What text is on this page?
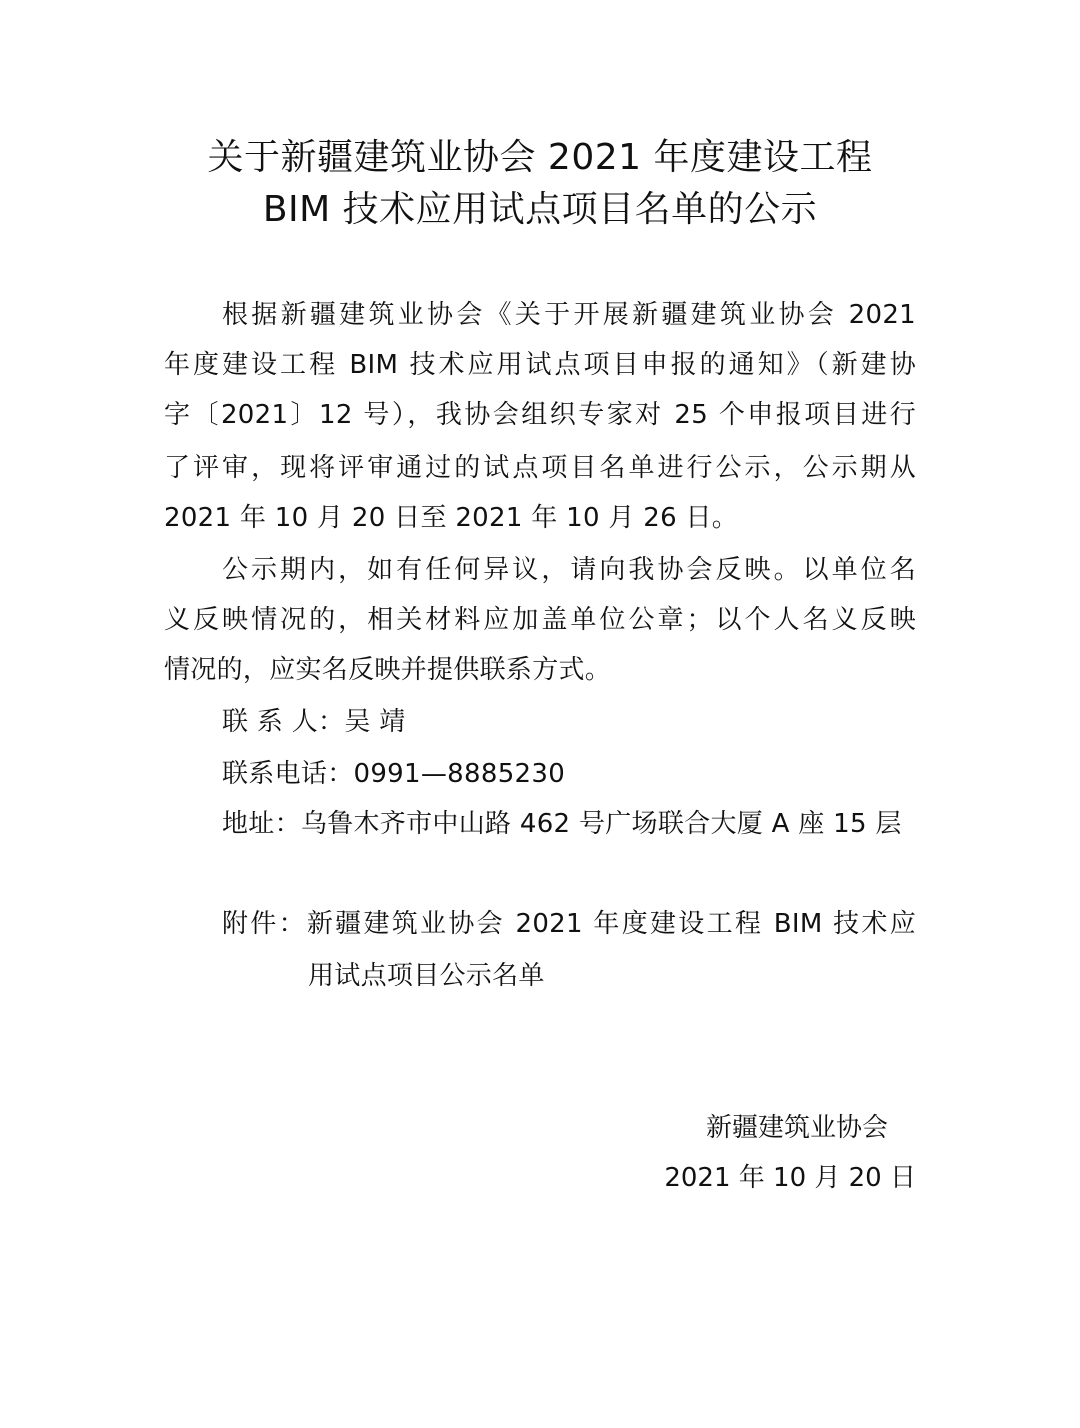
关于新疆建筑业协会 2021 年度建设工程
BIM 技术应用试点项目名单的公示
根据新疆建筑业协会《关于开展新疆建筑业协会 2021
年度建设工程 BIM 技术应用试点项目申报的通知》（新建协
字〔2021〕12 号），我协会组织专家对 25 个申报项目进行
了评审，现将评审通过的试点项目名单进行公示，公示期从
2021 年 10 月 20 日至 2021 年 10 月 26 日。
公示期内，如有任何异议，请向我协会反映。以单位名
义反映情况的，相关材料应加盖单位公章；以个人名义反映
情况的，应实名反映并提供联系方式。
联 系 人：吴 靖
联系电话：0991—8885230
地址：乌鲁木齐市中山路 462 号广场联合大厦 A 座 15 层
附件：新疆建筑业协会 2021 年度建设工程 BIM 技术应
用试点项目公示名单
新疆建筑业协会
2021 年 10 月 20 日
